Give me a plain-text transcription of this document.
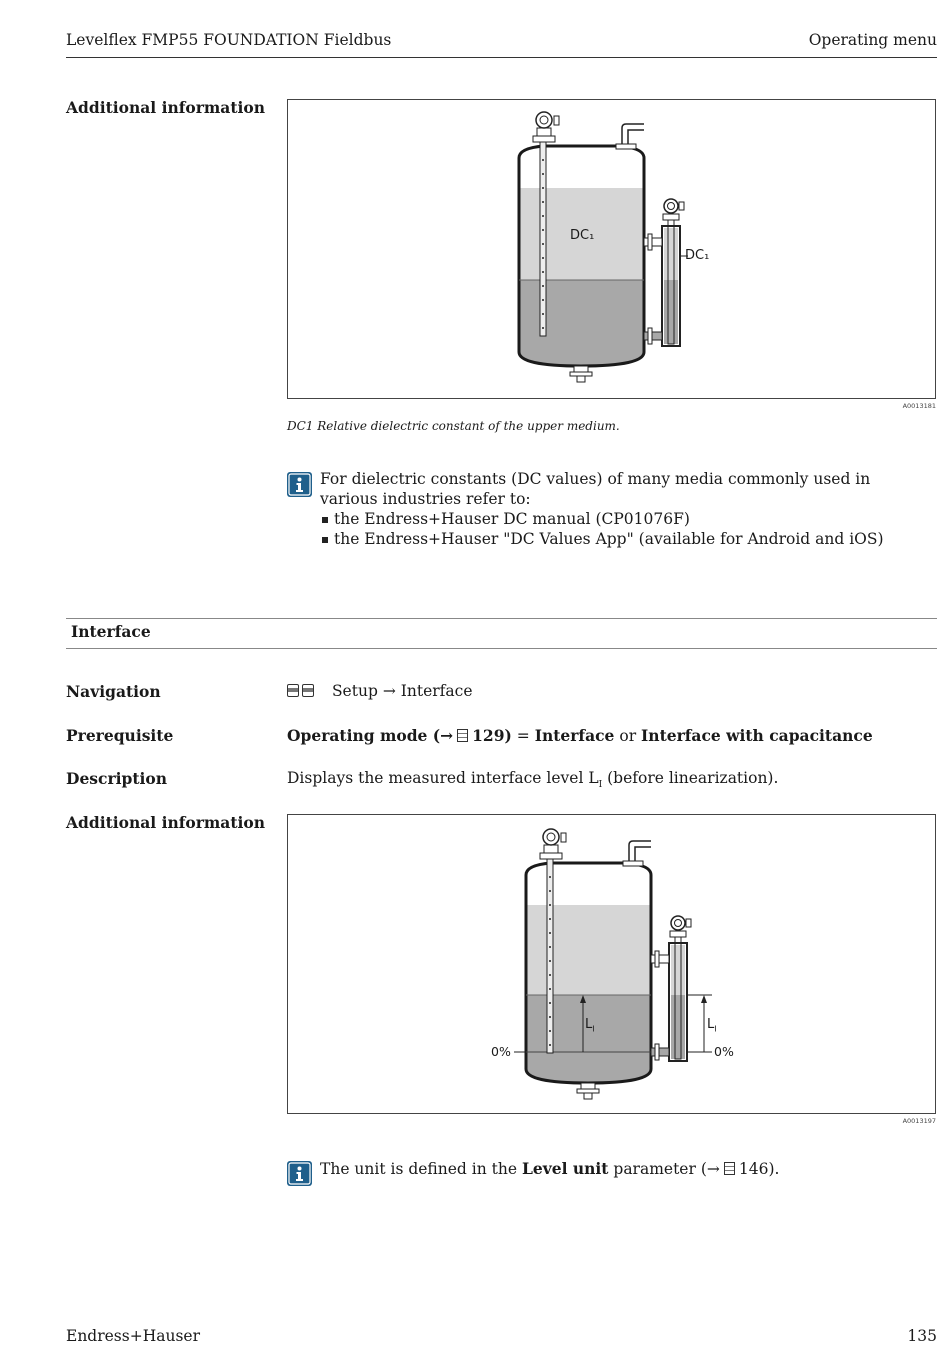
Levelflex FMP55 FOUNDATION Fieldbus	Operating menu
Additional information
DC₁
DC₁
A0013181
DC1 Relative dielectric constant of the upper medium.
For dielectric constants (DC values) of many media commonly used in various industries refer to:
the Endress+Hauser DC manual (CP01076F)
the Endress+Hauser "DC Values App" (available for Android and iOS)
Interface
Navigation	Setup → Interface
Prerequisite	Operating mode (→ 129) = Interface or Interface with capacitance
Description	Displays the measured interface level $L_I$ (before linearization).
Additional information
$L_I$	$L_I$
0%	0%
A0013197
The unit is defined in the Level unit parameter (→ 146).
Endress+Hauser	135
